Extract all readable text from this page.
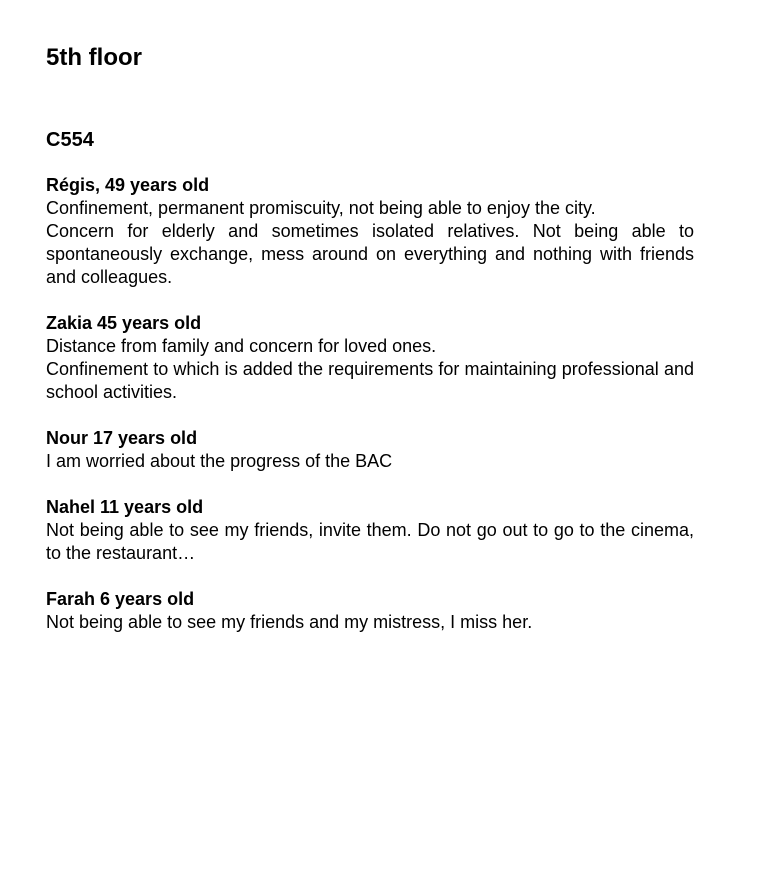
5th floor
C554

Régis, 49 years old

Confinement, permanent promiscuity, not being able to enjoy the city.

Concern for elderly and sometimes isolated relatives. Not being able to spontaneously exchange, mess around on everything and nothing with friends and colleagues.

Zakia 45 years old

Distance from family and concern for loved ones.

Confinement to which is added the requirements for maintaining professional and school activities.

Nour 17 years old

I am worried about the progress of the BAC

Nahel 11 years old

Not being able to see my friends, invite them. Do not go out to go to the cinema, to the restaurant…

Farah 6 years old

Not being able to see my friends and my mistress, I miss her.
